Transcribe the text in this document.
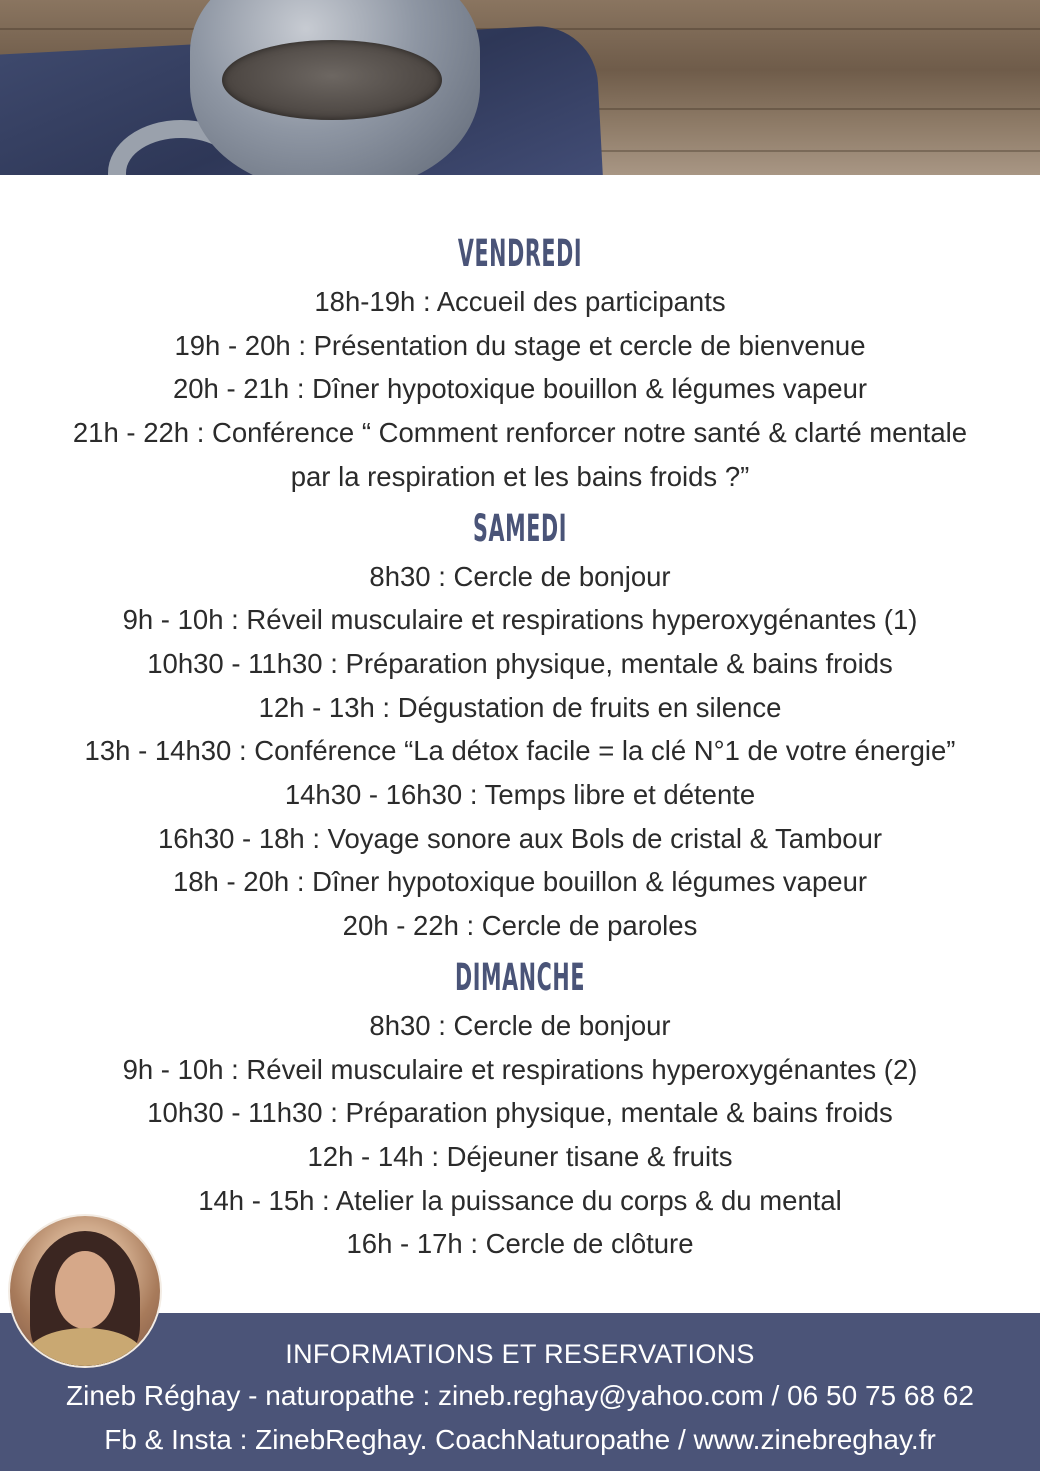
VENDREDI

18h-19h : Accueil des participants

19h - 20h : Présentation du stage et cercle de bienvenue

20h - 21h : Dîner hypotoxique bouillon & légumes vapeur

21h - 22h : Conférence “ Comment renforcer notre santé & clarté mentale

par la respiration et les bains froids ?”

SAMEDI

8h30 : Cercle de bonjour

9h - 10h : Réveil musculaire et respirations hyperoxygénantes (1)

10h30 - 11h30 : Préparation physique, mentale & bains froids

12h - 13h : Dégustation de fruits en silence

13h - 14h30 : Conférence “La détox facile = la clé N°1 de votre énergie”

14h30 - 16h30 : Temps libre et détente

16h30 - 18h : Voyage sonore aux Bols de cristal & Tambour

18h - 20h : Dîner hypotoxique bouillon & légumes vapeur

20h - 22h : Cercle de paroles

DIMANCHE

8h30 : Cercle de bonjour

9h - 10h : Réveil musculaire et respirations hyperoxygénantes (2)

10h30 - 11h30 : Préparation physique, mentale & bains froids

12h - 14h : Déjeuner tisane & fruits

14h - 15h : Atelier la puissance du corps & du mental

16h - 17h : Cercle de clôture

INFORMATIONS ET RESERVATIONS
Zineb Réghay - naturopathe : zineb.reghay@yahoo.com / 06 50 75 68 62
Fb & Insta : ZinebReghay. CoachNaturopathe / www.zinebreghay.fr
